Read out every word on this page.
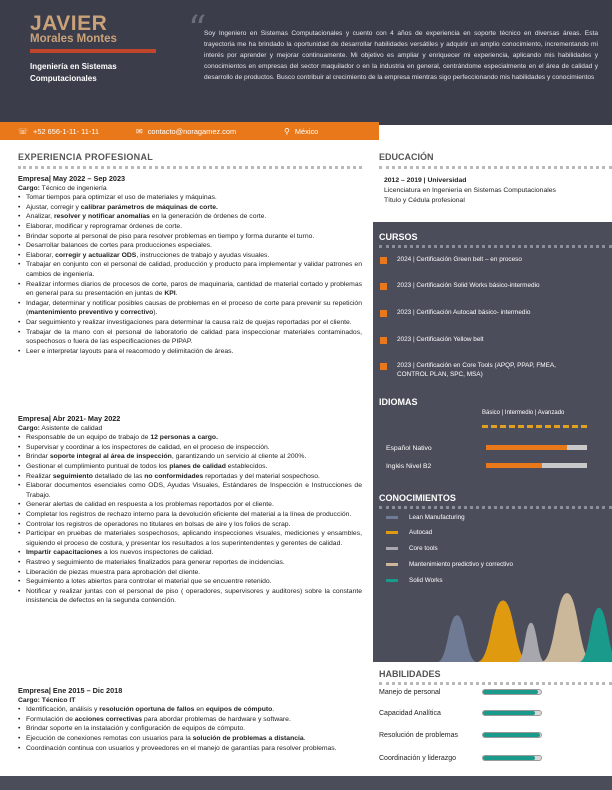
JAVIER
Morales Montes
Ingeniería en Sistemas Computacionales
“
Soy Ingeniero en Sistemas Computacionales y cuento con 4 años de experiencia en soporte técnico en diversas áreas. Esta trayectoria me ha brindado la oportunidad de desarrollar habilidades versátiles y adquirir un amplio conocimiento, incrementando mi interés por aprender y mejorar continuamente. Mi objetivo es ampliar y enriquecer mi experiencia, aplicando mis habilidades y conocimientos en empresas del sector maquilador o en la industria en general, centrándome especialmente en el área de calidad y desarrollo de productos. Busco contribuir al crecimiento de la empresa mientras sigo perfeccionando mis habilidades y conocimientos
☏ +52 656-1-11- 11-11	✉ contacto@noragamez.com	⚲ México
EXPERIENCIA PROFESIONAL
Empresa| May 2022 – Sep 2023
Cargo: Técnico de ingeniería
• Tomar tiempos para optimizar el uso de materiales y máquinas.
• Ajustar, corregir y calibrar parámetros de máquinas de corte.
• Analizar, resolver y notificar anomalías en la generación de órdenes de corte.
• Elaborar, modificar y reprogramar órdenes de corte.
• Brindar soporte al personal de piso para resolver problemas en tiempo y forma durante el turno.
• Desarrollar balances de cortes para producciones especiales.
• Elaborar, corregir y actualizar ODS, instrucciones de trabajo y ayudas visuales.
• Trabajar en conjunto con el personal de calidad, producción y producto para implementar y validar patrones en cambios de ingeniería.
• Realizar informes diarios de procesos de corte, paros de maquinaria, cantidad de material cortado y problemas en general para su presentación en juntas de KPI.
• Indagar, determinar y notificar posibles causas de problemas en el proceso de corte para prevenir su repetición (mantenimiento preventivo y correctivo).
• Dar seguimiento y realizar investigaciones para determinar la causa raíz de quejas reportadas por el cliente.
• Trabajar de la mano con el personal de laboratorio de calidad para inspeccionar materiales contaminados, sospechosos o fuera de las especificaciones de PIPAP.
• Leer e interpretar layouts para el reacomodo y delimitación de áreas.
Empresa| Abr 2021- May 2022
Cargo: Asistente de calidad
• Responsable de un equipo de trabajo de 12 personas a cargo.
• Supervisar y coordinar a los inspectores de calidad, en el proceso de inspección.
• Brindar soporte integral al área de inspección, garantizando un servicio al cliente al 200%.
• Gestionar el cumplimiento puntual de todos los planes de calidad establecidos.
• Realizar seguimiento detallado de las no conformidades reportadas y del material sospechoso.
• Elaborar documentos esenciales como ODS, Ayudas Visuales, Estándares de Inspección e Instrucciones de Trabajo.
• Generar alertas de calidad en respuesta a los problemas reportados por el cliente.
• Completar los registros de rechazo interno para la devolución eficiente del material a la línea de producción.
• Controlar los registros de operadores no titulares en bolsas de aire y los folios de scrap.
• Participar en pruebas de materiales sospechosos, aplicando inspecciones visuales, mediciones y ensambles, siguiendo el proceso de costura, y presentar los resultados a los superintendentes y gerentes de calidad.
• Impartir capacitaciones a los nuevos inspectores de calidad.
• Rastreo y seguimiento de materiales finalizados para generar reportes de incidencias.
• Liberación de piezas muestra para aprobación del cliente.
• Seguimiento a lotes abiertos para controlar el material que se encuentre retenido.
• Notificar y realizar juntas con el personal de piso ( operadores, supervisores y auditores) sobre la constante insistencia de defectos en la segunda contención.
Empresa| Ene 2015 – Dic 2018
Cargo: Técnico IT
• Identificación, análisis y resolución oportuna de fallos en equipos de cómputo.
• Formulación de acciones correctivas para abordar problemas de hardware y software.
• Brindar soporte en la instalación y configuración de equipos de cómputo.
• Ejecución de conexiones remotas con usuarios para la solución de problemas a distancia.
• Coordinación continua con usuarios y proveedores en el manejo de garantías para resolver problemas.
EDUCACIÓN
2012 – 2019 | Universidad
Licenciatura en Ingeniería en Sistemas Computacionales
Título y Cédula profesional
CURSOS
2024 | Certificación Green belt – en proceso
2023 | Certificación Solid Works básico-intermedio
2023 | Certificación Autocad básico- intermedio
2023 | Certificación Yellow belt
2023 | Certificación en Core Tools (APQP, PPAP, FMEA, CONTROL PLAN, SPC, MSA)
IDIOMAS
Básico | Intermedio | Avanzado
Español Nativo
Inglés Nivel B2
CONOCIMIENTOS
Lean Manufacturing
Autocad
Core tools
Mantenimiento predictivo y correctivo
Solid Works
HABILIDADES
Manejo de personal
Capacidad Analítica
Resolución de problemas
Coordinación y liderazgo
